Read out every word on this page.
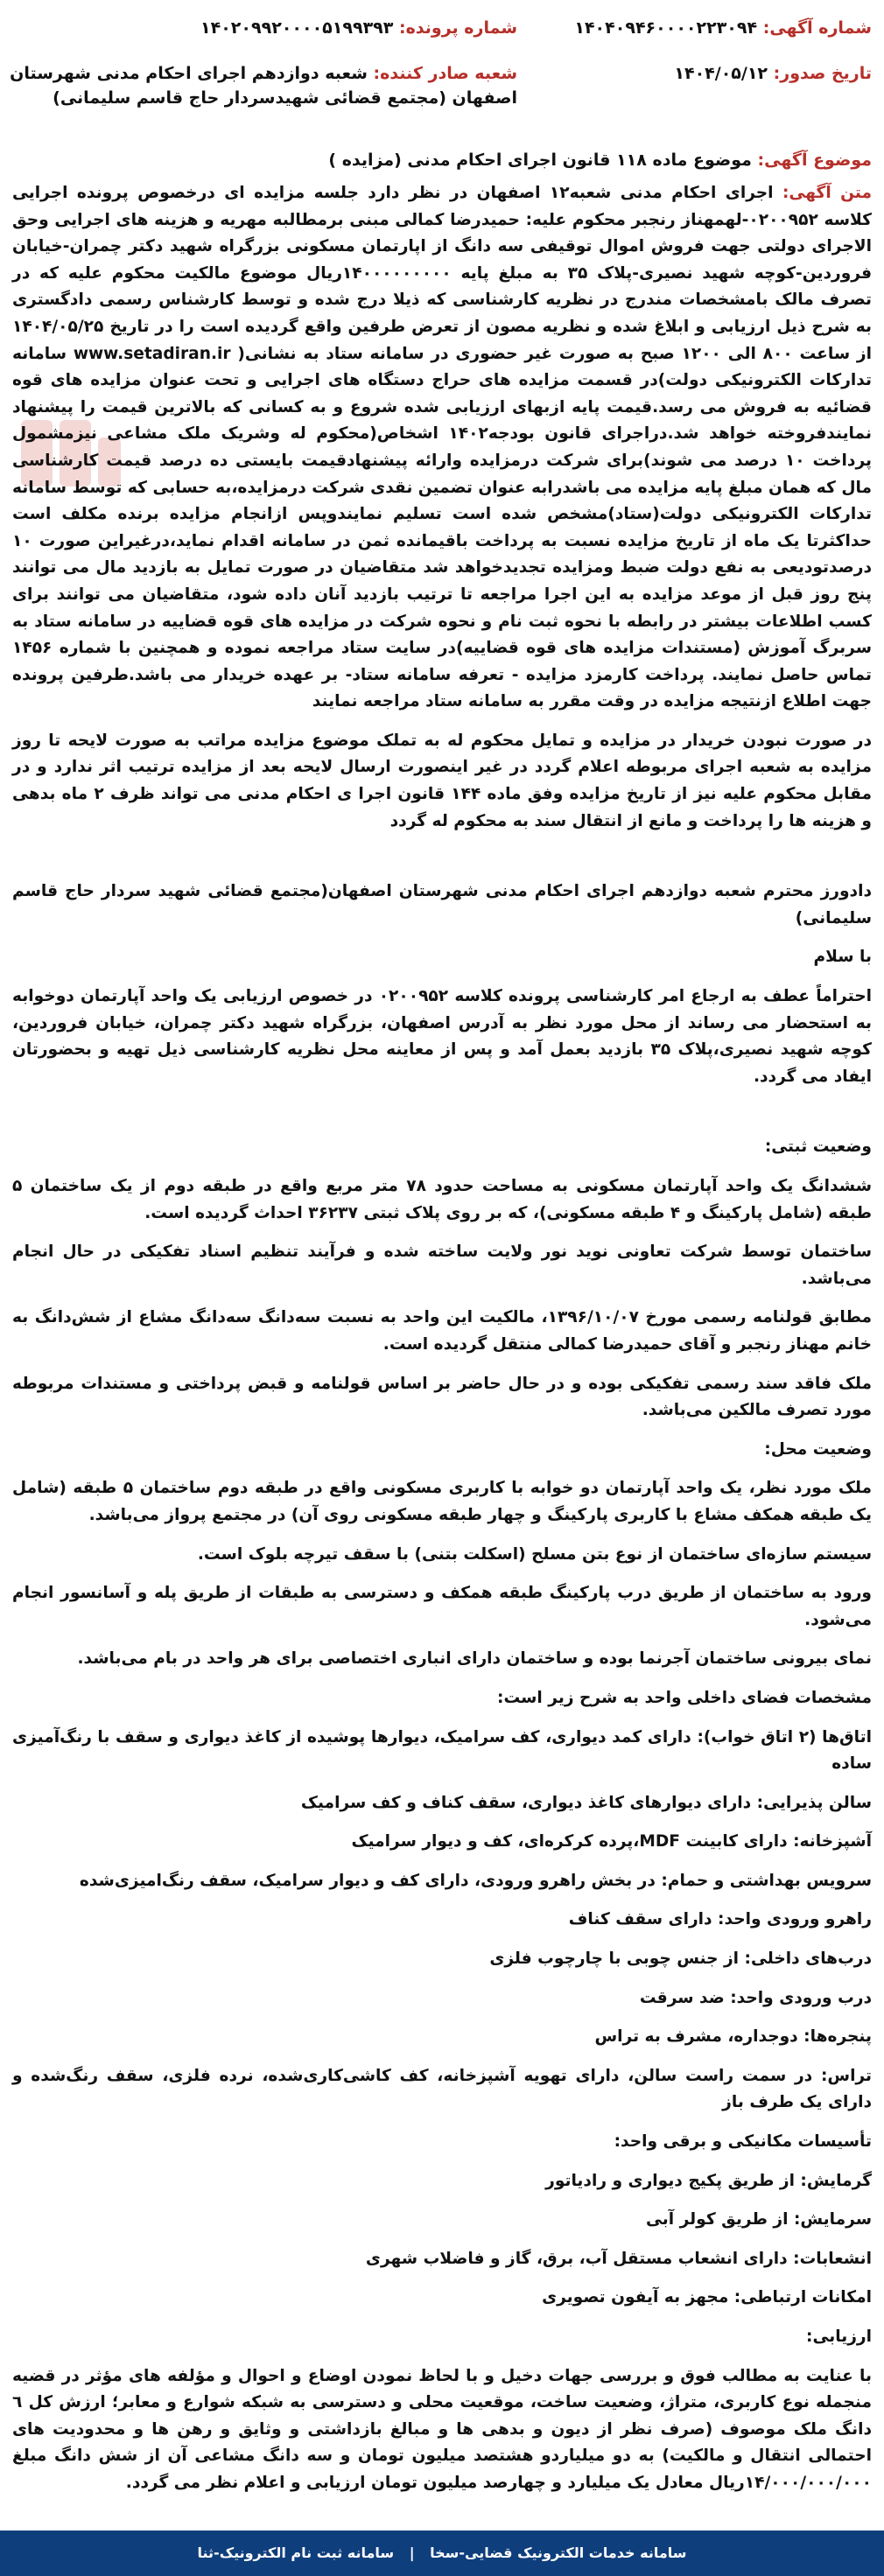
شماره آگهی: ۱۴۰۴۰۹۴۶۰۰۰۰۲۲۳۰۹۴
شماره پرونده: ۱۴۰۲۰۹۹۲۰۰۰۰۵۱۹۹۳۹۳
تاریخ صدور: ۱۴۰۴/۰۵/۱۲
شعبه صادر کننده: شعبه دوازدهم اجرای احکام مدنی شهرستان اصفهان (مجتمع قضائی شهیدسردار حاج قاسم سلیمانی)
موضوع آگهی: موضوع ماده ۱۱۸ قانون اجرای احکام مدنی (مزایده )

متن آگهی: اجرای احکام مدنی شعبه۱۲ اصفهان در نظر دارد جلسه مزایده ای درخصوص پرونده اجرایی کلاسه ۰۲۰۰۹۵۲-لهمهناز رنجبر محکوم علیه: حمیدرضا کمالی مبنی برمطالبه مهریه و هزینه های اجرایی وحق الاجرای دولتی جهت فروش اموال توقیفی سه دانگ از اپارتمان مسکونی بزرگراه شهید دکتر چمران-خیابان فروردین-کوچه شهید نصیری-پلاک ۳۵ به مبلغ پایه ۱۴۰۰۰۰۰۰۰۰۰ریال موضوع مالکیت محکوم علیه که در تصرف مالک بامشخصات مندرج در نظریه کارشناسی که ذیلا درج شده و توسط کارشناس رسمی دادگستری به شرح ذیل ارزیابی و ابلاغ شده و نظریه مصون از تعرض طرفین واقع گردیده است را در تاریخ ۱۴۰۴/۰۵/۲۵ از ساعت ۸۰۰ الی ۱۲۰۰ صبح به صورت غیر حضوری در سامانه ستاد به نشانی( www.setadiran.ir سامانه تدارکات الکترونیکی دولت)در قسمت مزایده های حراج دستگاه های اجرایی و تحت عنوان مزایده های قوه قضائیه به فروش می رسد.قیمت پایه ازبهای ارزیابی شده شروع و به کسانی که بالاترین قیمت را پیشنهاد نمایندفروخته خواهد شد.دراجرای قانون بودجه۱۴۰۲ اشخاص(محکوم له وشریک ملک مشاعی نیزمشمول پرداخت ۱۰ درصد می شوند)برای شرکت درمزایده وارائه پیشنهادقیمت بایستی ده درصد قیمت کارشناسی مال که همان مبلغ پایه مزایده می باشدرابه عنوان تضمین نقدی شرکت درمزایده،به حسابی که توسط سامانه تدارکات الکترونیکی دولت(ستاد)مشخص شده است تسلیم نمایندوپس ازانجام مزایده برنده مکلف است حداکثرتا یک ماه از تاریخ مزایده نسبت به پرداخت باقیمانده ثمن در سامانه اقدام نماید،درغیراین صورت ۱۰ درصدتودیعی به نفع دولت ضبط ومزایده تجدیدخواهد شد متقاضیان در صورت تمایل به بازدید مال می توانند پنج روز قبل از موعد مزایده به این اجرا مراجعه تا ترتیب بازدید آنان داده شود، متقاضیان می توانند برای کسب اطلاعات بیشتر در رابطه با نحوه ثبت نام و نحوه شرکت در مزایده های قوه قضاییه در سامانه ستاد به سربرگ آموزش (مستندات مزایده های قوه قضاییه)در سایت ستاد مراجعه نموده و همچنین با شماره ۱۴۵۶ تماس حاصل نمایند. پرداخت کارمزد مزایده - تعرفه سامانه ستاد- بر عهده خریدار می باشد.طرفین پرونده جهت اطلاع ازنتیجه مزایده در وقت مقرر به سامانه ستاد مراجعه نمایند

در صورت نبودن خریدار در مزایده و تمایل محکوم له به تملک موضوع مزایده مراتب به صورت لایحه تا روز مزایده به شعبه اجرای مربوطه اعلام گردد در غیر اینصورت ارسال لایحه بعد از مزایده ترتیب اثر ندارد و در مقابل محکوم علیه نیز از تاریخ مزایده وفق ماده ۱۴۴ قانون اجرا ی احکام مدنی می تواند ظرف ۲ ماه بدهی و هزینه ها را پرداخت و مانع از انتقال سند به محکوم له گردد

دادورز محترم شعبه دوازدهم اجرای احکام مدنی شهرستان اصفهان(مجتمع قضائی شهید سردار حاج قاسم سلیمانی)

با سلام

احتراماً عطف به ارجاع امر کارشناسی پرونده کلاسه ۰۲۰۰۹۵۲ در خصوص ارزیابی یک واحد آپارتمان دوخوابه به استحضار می رساند از محل مورد نظر به آدرس اصفهان، بزرگراه شهید دکتر چمران، خیابان فروردین، کوچه شهید نصیری،پلاک ۳۵ بازدید بعمل آمد و پس از معاینه محل نظریه کارشناسی ذیل تهیه و بحضورتان ایفاد می گردد.

وضعیت ثبتی:

ششدانگ یک واحد آپارتمان مسکونی به مساحت حدود ۷۸ متر مربع واقع در طبقه دوم از یک ساختمان ۵ طبقه (شامل پارکینگ و ۴ طبقه مسکونی)، که بر روی پلاک ثبتی ۳۶۲۳۷ احداث گردیده است.

ساختمان توسط شرکت تعاونی نوید نور ولایت ساخته شده و فرآیند تنظیم اسناد تفکیکی در حال انجام می‌باشد.

مطابق قولنامه رسمی مورخ ۱۳۹۶/۱۰/۰۷، مالکیت این واحد به نسبت سه‌دانگ سه‌دانگ مشاع از شش‌دانگ به خانم مهناز رنجبر و آقای حمیدرضا کمالی منتقل گردیده است.

ملک فاقد سند رسمی تفکیکی بوده و در حال حاضر بر اساس قولنامه و قبض پرداختی و مستندات مربوطه مورد تصرف مالکین می‌باشد.

وضعیت محل:

ملک مورد نظر، یک واحد آپارتمان دو خوابه با کاربری مسکونی واقع در طبقه دوم ساختمان ۵ طبقه (شامل یک طبقه همکف مشاع با کاربری پارکینگ و چهار طبقه مسکونی روی آن) در مجتمع پرواز می‌باشد.

سیستم سازه‌ای ساختمان از نوع بتن مسلح (اسکلت بتنی) با سقف تیرچه بلوک است.

ورود به ساختمان از طریق درب پارکینگ طبقه همکف و دسترسی به طبقات از طریق پله و آسانسور انجام می‌شود.

نمای بیرونی ساختمان آجرنما بوده و ساختمان دارای انباری اختصاصی برای هر واحد در بام می‌باشد.

مشخصات فضای داخلی واحد به شرح زیر است:

اتاق‌ها (۲ اتاق خواب): دارای کمد دیواری، کف سرامیک، دیوارها پوشیده از کاغذ دیواری و سقف با رنگ‌آمیزی ساده

سالن پذیرایی: دارای دیوارهای کاغذ دیواری، سقف کناف و کف سرامیک

آشپزخانه: دارای کابینت MDF،پرده کرکره‌ای، کف و دیوار سرامیک

سرویس بهداشتی و حمام: در بخش راهرو ورودی، دارای کف و دیوار سرامیک، سقف رنگ‌امیزی‌شده

راهرو ورودی واحد: دارای سقف کناف

درب‌های داخلی: از جنس چوبی با چارچوب فلزی

درب ورودی واحد: ضد سرقت

پنجره‌ها: دوجداره، مشرف به تراس

تراس: در سمت راست سالن، دارای تهویه آشپزخانه، کف کاشی‌کاری‌شده، نرده فلزی، سقف رنگ‌شده و دارای یک طرف باز

تأسیسات مکانیکی و برقی واحد:

گرمایش: از طریق پکیج دیواری و رادیاتور

سرمایش: از طریق کولر آبی

انشعابات: دارای انشعاب مستقل آب، برق، گاز و فاضلاب شهری

امکانات ارتباطی: مجهز به آیفون تصویری

ارزیابی:

با عنایت به مطالب فوق و بررسی جهات دخیل و با لحاظ نمودن اوضاع و احوال و مؤلفه های مؤثر در قضیه منجمله نوع کاربری، متراژ، وضعیت ساخت، موقعیت محلی و دسترسی به شبکه شوارع و معابر؛ ارزش کل ٦ دانگ ملک موصوف (صرف نظر از دیون و بدهی ها و مبالغ بازداشتی و وثایق و رهن ها و محدودیت های احتمالی انتقال و مالکیت) به دو میلیاردو هشتصد میلیون تومان و سه دانگ مشاعی آن از شش دانگ مبلغ ۱۴/۰۰۰/۰۰۰/۰۰۰ریال معادل یک میلیارد و چهارصد میلیون تومان ارزیابی و اعلام نظر می گردد.

سامانه خدمات الکترونیک قضایی-سخا | سامانه ثبت نام الکترونیک-ثنا
